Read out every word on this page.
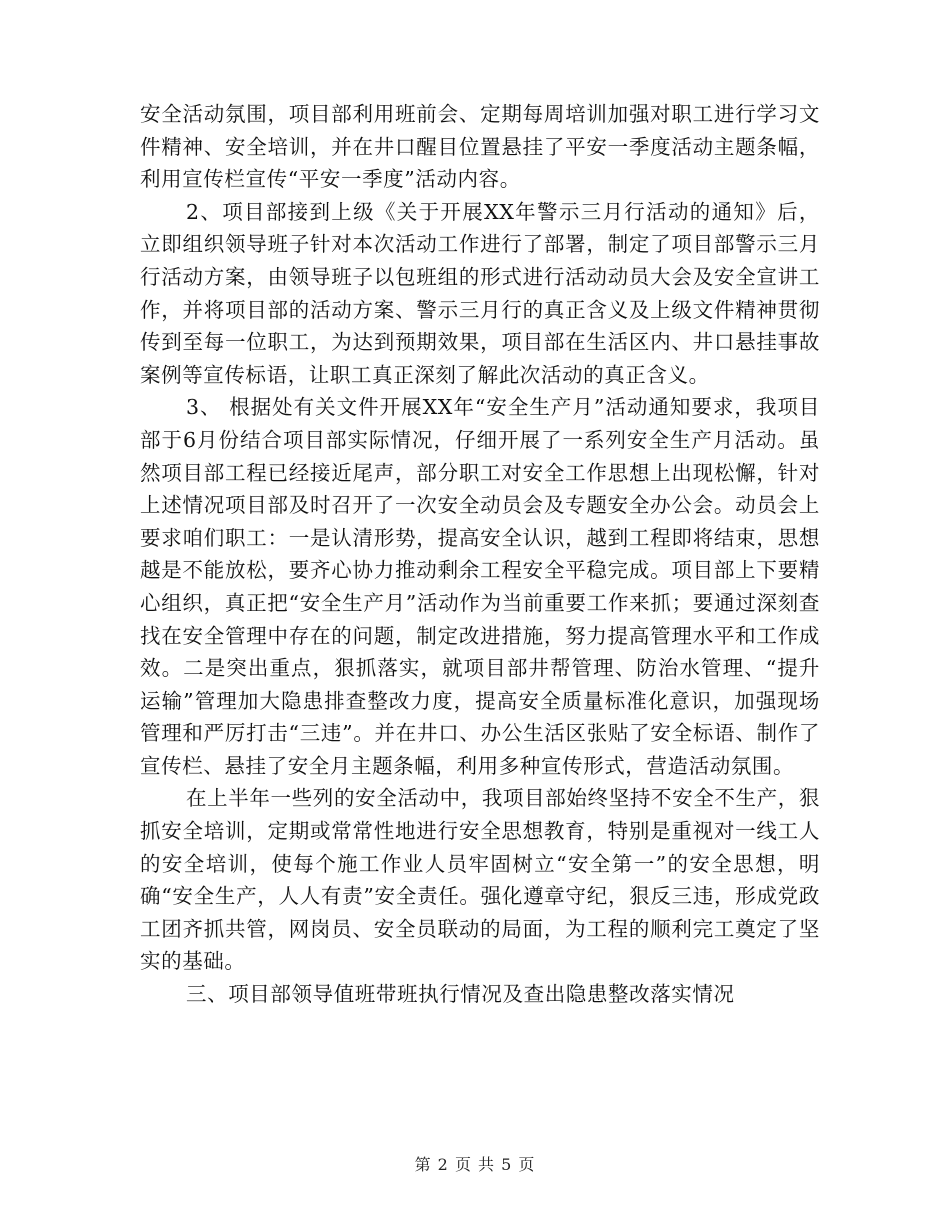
安全活动氛围，项目部利用班前会、定期每周培训加强对职工进行学习文件精神、安全培训，并在井口醒目位置悬挂了平安一季度活动主题条幅，利用宣传栏宣传“平安一季度”活动内容。

2、项目部接到上级《关于开展XX年警示三月行活动的通知》后，立即组织领导班子针对本次活动工作进行了部署，制定了项目部警示三月行活动方案，由领导班子以包班组的形式进行活动动员大会及安全宣讲工作，并将项目部的活动方案、警示三月行的真正含义及上级文件精神贯彻传到至每一位职工，为达到预期效果，项目部在生活区内、井口悬挂事故案例等宣传标语，让职工真正深刻了解此次活动的真正含义。

3、 根据处有关文件开展XX年“安全生产月”活动通知要求，我项目部于6月份结合项目部实际情况，仔细开展了一系列安全生产月活动。虽然项目部工程已经接近尾声，部分职工对安全工作思想上出现松懈，针对上述情况项目部及时召开了一次安全动员会及专题安全办公会。动员会上要求咱们职工：一是认清形势，提高安全认识，越到工程即将结束，思想越是不能放松，要齐心协力推动剩余工程安全平稳完成。项目部上下要精心组织，真正把“安全生产月”活动作为当前重要工作来抓；要通过深刻查找在安全管理中存在的问题，制定改进措施，努力提高管理水平和工作成效。二是突出重点，狠抓落实，就项目部井帮管理、防治水管理、“提升运输”管理加大隐患排查整改力度，提高安全质量标准化意识，加强现场管理和严厉打击“三违”。并在井口、办公生活区张贴了安全标语、制作了宣传栏、悬挂了安全月主题条幅，利用多种宣传形式，营造活动氛围。

在上半年一些列的安全活动中，我项目部始终坚持不安全不生产，狠抓安全培训，定期或常常性地进行安全思想教育，特别是重视对一线工人的安全培训，使每个施工作业人员牢固树立“安全第一”的安全思想，明确“安全生产，人人有责”安全责任。强化遵章守纪，狠反三违，形成党政工团齐抓共管，网岗员、安全员联动的局面，为工程的顺利完工奠定了坚实的基础。

三、项目部领导值班带班执行情况及查出隐患整改落实情况

第 2 页 共 5 页
